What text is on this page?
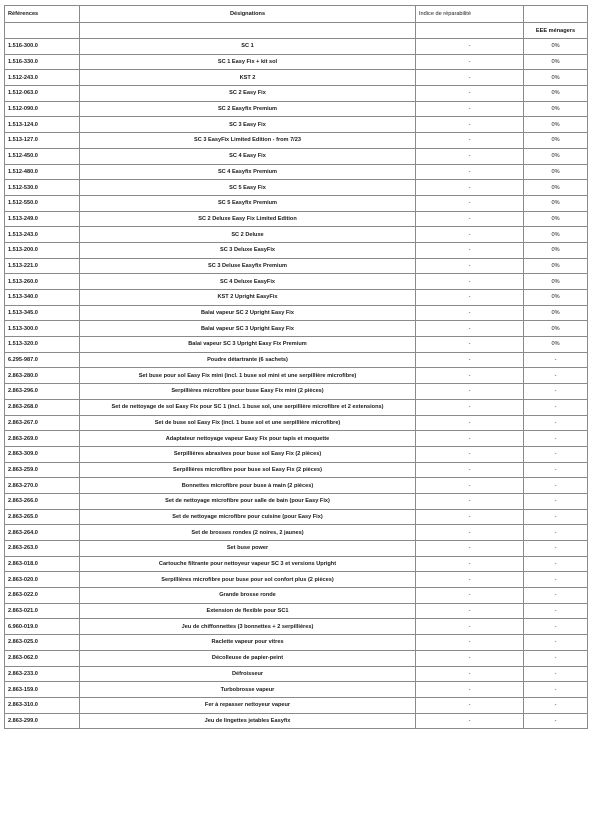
Références	Désignations	Indice de réparabilité	
			EEE ménagers
1.516-300.0	SC 1	-	0%
1.516-330.0	SC 1 Easy Fix + kit sol	-	0%
1.512-243.0	KST 2	-	0%
1.512-063.0	SC 2 Easy Fix	-	0%
1.512-090.0	SC 2 Easyfix Premium	-	0%
1.513-124.0	SC 3 Easy Fix	-	0%
1.513-127.0	SC 3 EasyFix Limited Edition - from 7/23	-	0%
1.512-450.0	SC 4 Easy Fix	-	0%
1.512-480.0	SC 4 Easyfix Premium	-	0%
1.512-530.0	SC 5 Easy Fix	-	0%
1.512-550.0	SC 5 Easyfix Premium	-	0%
1.513-249.0	SC 2 Deluxe Easy Fix Limited Edition	-	0%
1.513-243.0	SC 2 Deluxe	-	0%
1.513-200.0	SC 3 Deluxe EasyFix	-	0%
1.513-221.0	SC 3 Deluse Easyfix Premium	-	0%
1.513-260.0	SC 4 Deluxe EasyFix	-	0%
1.513-340.0	KST 2 Upright EasyFix	-	0%
1.513-345.0	Balai vapeur SC 2 Upright Easy Fix	-	0%
1.513-300.0	Balai vapeur SC 3 Upright Easy Fix	-	0%
1.513-320.0	Balai vapeur SC 3 Upright Easy Fix Premium	-	0%
6.295-987.0	Poudre détartrante (6 sachets)	-	-
2.863-280.0	Set buse pour sol Easy Fix mini (incl. 1 buse sol mini et une serpillière microfibre)	-	-
2.863-296.0	Serpillières microfibre pour buse Easy Fix mini (2 pièces)	-	-
2.863-268.0	Set de nettoyage de sol Easy Fix pour SC 1 (incl. 1 buse sol, une serpillière microfibre et 2 extensions)	-	-
2.863-267.0	Set de buse sol Easy Fix (incl. 1 buse sol et une serpillière microfibre)	-	-
2.863-269.0	Adaptateur nettoyage vapeur Easy Fix pour tapis et moquette	-	-
2.863-309.0	Serpillières abrasives pour buse sol Easy Fix (2 pièces)	-	-
2.863-259.0	Serpillières microfibre pour buse sol Easy Fix (2 pièces)	-	-
2.863-270.0	Bonnettes microfibre pour buse à main (2 pièces)	-	-
2.863-266.0	Set de nettoyage microfibre pour salle de bain (pour Easy Fix)	-	-
2.863-265.0	Set de nettoyage microfibre pour cuisine (pour Easy Fix)	-	-
2.863-264.0	Set de brosses rondes (2 noires, 2 jaunes)	-	-
2.863-263.0	Set buse power	-	-
2.863-018.0	Cartouche filtrante pour nettoyeur vapeur SC 3 et versions Upright	-	-
2.863-020.0	Serpillières microfibre pour buse pour sol confort plus (2 pièces)	-	-
2.863-022.0	Grande brosse ronde	-	-
2.863-021.0	Extension de flexible pour SC1	-	-
6.960-019.0	Jeu de chiffonnettes (3 bonnettes + 2 serpillières)	-	-
2.863-025.0	Raclette vapeur pour vitres	-	-
2.863-062.0	Décolleuse de papier-peint	-	-
2.863-233.0	Défroisseur	-	-
2.863-159.0	Turbobrosse vapeur	-	-
2.863-310.0	Fer à repasser nettoyeur vapeur	-	-
2.863-299.0	Jeu de lingettes jetables Easyfix	-	-
